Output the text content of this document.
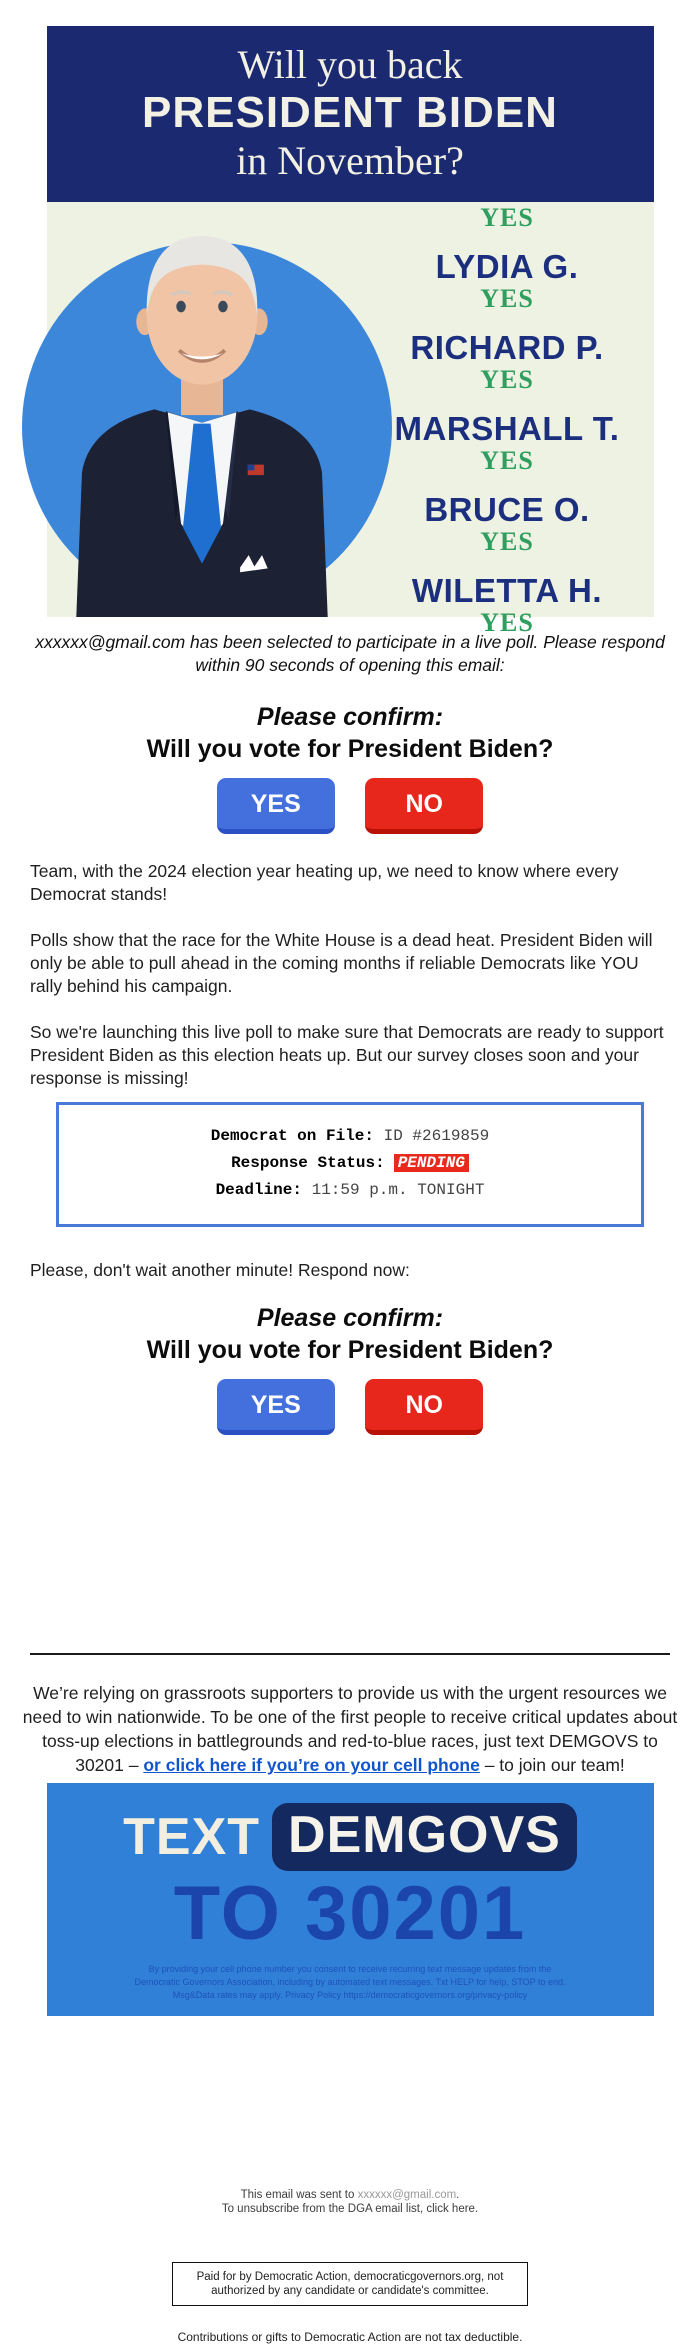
Will you back
PRESIDENT BIDEN
in November?
YES
LYDIA G.
YES
RICHARD P.
YES
MARSHALL T.
YES
BRUCE O.
YES
WILETTA H.
YES
xxxxxx@gmail.com has been selected to participate in a live poll. Please respond within 90 seconds of opening this email:
Please confirm:
Will you vote for President Biden?
YES	NO

Team, with the 2024 election year heating up, we need to know where every Democrat stands!

Polls show that the race for the White House is a dead heat. President Biden will only be able to pull ahead in the coming months if reliable Democrats like YOU rally behind his campaign.

So we're launching this live poll to make sure that Democrats are ready to support President Biden as this election heats up. But our survey closes soon and your response is missing!

Democrat on File: ID #2619859
Response Status: PENDING
Deadline: 11:59 p.m. TONIGHT
Please, don't wait another minute! Respond now:
Please confirm:
Will you vote for President Biden?
YES	NO
We’re relying on grassroots supporters to provide us with the urgent resources we need to win nationwide. To be one of the first people to receive critical updates about toss-up elections in battlegrounds and red-to-blue races, just text DEMGOVS to 30201 – or click here if you’re on your cell phone – to join our team!
TEXT DEMGOVS
TO 30201
By providing your cell phone number you consent to receive recurring text message updates from the Democratic Governors Association, including by automated text messages. Txt HELP for help, STOP to end. Msg&Data rates may apply. Privacy Policy https://democraticgovernors.org/privacy-policy
This email was sent to xxxxxx@gmail.com.
To unsubscribe from the DGA email list, click here.
Paid for by Democratic Action, democraticgovernors.org, not authorized by any candidate or candidate's committee.
Contributions or gifts to Democratic Action are not tax deductible.
